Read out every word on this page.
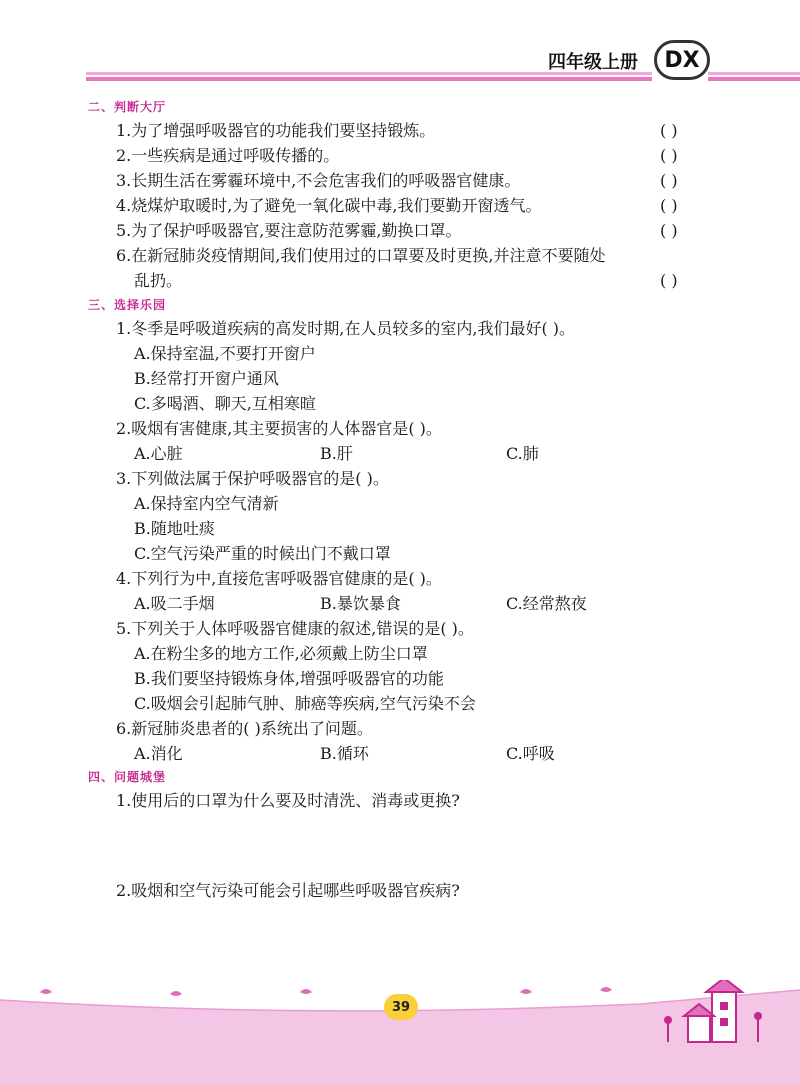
四年级上册	DX
二、判断大厅
1.为了增强呼吸器官的功能我们要坚持锻炼。	( )
2.一些疾病是通过呼吸传播的。	( )
3.长期生活在雾霾环境中,不会危害我们的呼吸器官健康。	( )
4.烧煤炉取暖时,为了避免一氧化碳中毒,我们要勤开窗透气。	( )
5.为了保护呼吸器官,要注意防范雾霾,勤换口罩。	( )
6.在新冠肺炎疫情期间,我们使用过的口罩要及时更换,并注意不要随处
乱扔。	( )
三、选择乐园
1.冬季是呼吸道疾病的高发时期,在人员较多的室内,我们最好( )。
A.保持室温,不要打开窗户
B.经常打开窗户通风
C.多喝酒、聊天,互相寒暄
2.吸烟有害健康,其主要损害的人体器官是( )。
A.心脏	B.肝	C.肺
3.下列做法属于保护呼吸器官的是( )。
A.保持室内空气清新
B.随地吐痰
C.空气污染严重的时候出门不戴口罩
4.下列行为中,直接危害呼吸器官健康的是( )。
A.吸二手烟	B.暴饮暴食	C.经常熬夜
5.下列关于人体呼吸器官健康的叙述,错误的是( )。
A.在粉尘多的地方工作,必须戴上防尘口罩
B.我们要坚持锻炼身体,增强呼吸器官的功能
C.吸烟会引起肺气肿、肺癌等疾病,空气污染不会
6.新冠肺炎患者的( )系统出了问题。
A.消化	B.循环	C.呼吸
四、问题城堡
1.使用后的口罩为什么要及时清洗、消毒或更换?
2.吸烟和空气污染可能会引起哪些呼吸器官疾病?
39
